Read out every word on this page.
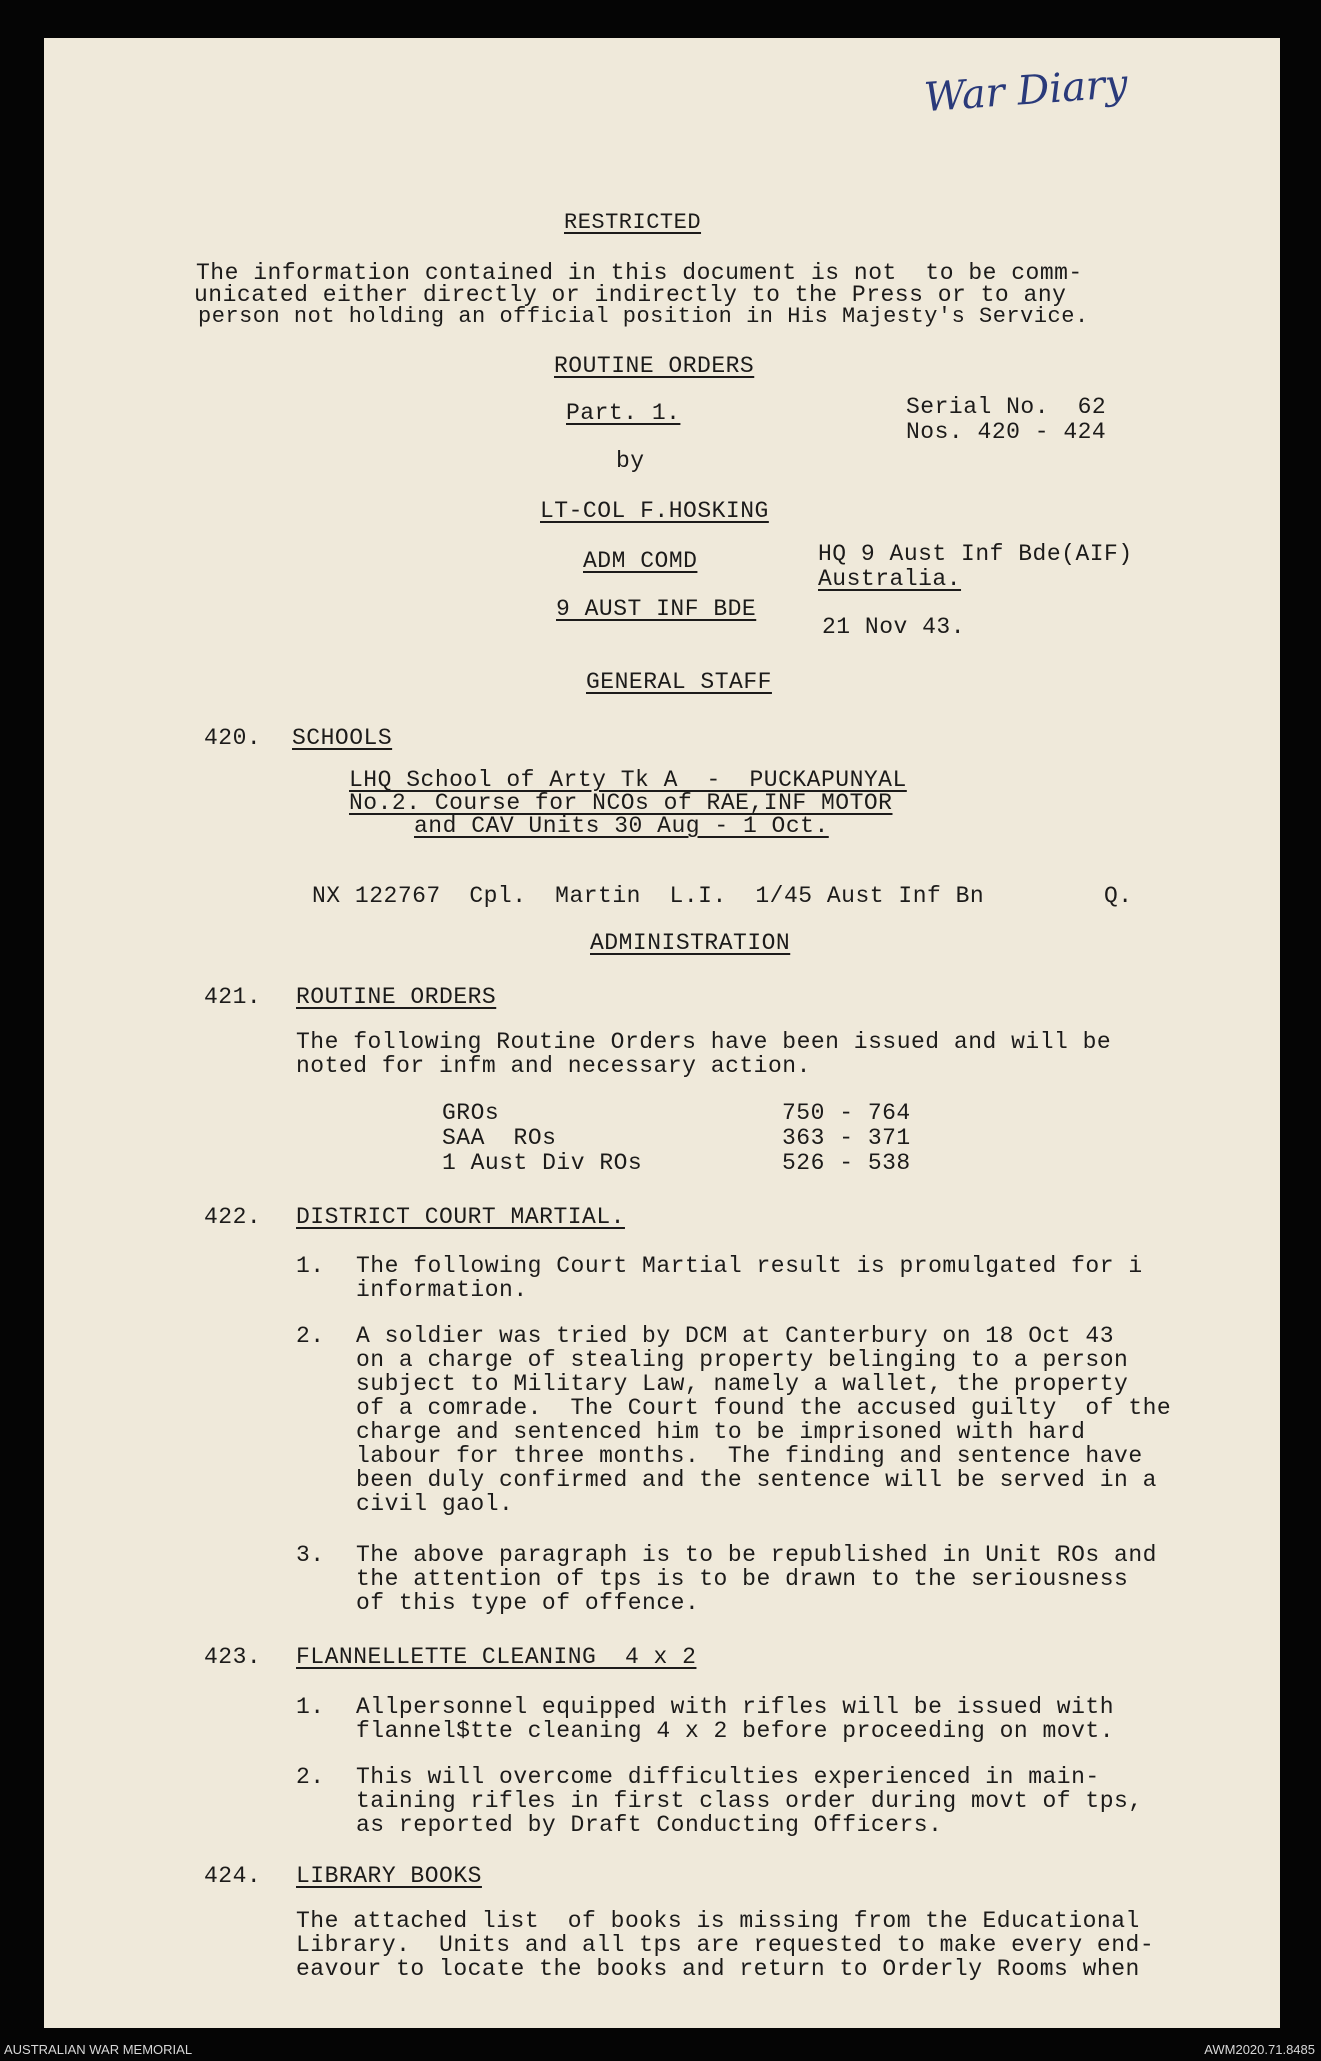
War Diary

RESTRICTED

The information contained in this document is not  to be comm-

unicated either directly or indirectly to the Press or to any

person not holding an official position in His Majesty's Service.

ROUTINE ORDERS

Part. 1.	Serial No.  62

Nos. 420 - 424

by

LT-COL F.HOSKING

ADM COMD

9 AUST INF BDE

HQ 9 Aust Inf Bde(AIF)

Australia.

21 Nov 43.

GENERAL STAFF

420. SCHOOLS

LHQ School of Arty Tk A  -  PUCKAPUNYAL

No.2. Course for NCOs of RAE,INF MOTOR

and CAV Units 30 Aug - 1 Oct.

NX 122767  Cpl.  Martin  L.I.  1/45 Aust Inf Bn	Q.

ADMINISTRATION

421. ROUTINE ORDERS

The following Routine Orders have been issued and will be

noted for infm and necessary action.

GROs	750 - 764

SAA  ROs	363 - 371

1 Aust Div ROs	526 - 538

422. DISTRICT COURT MARTIAL.

1. The following Court Martial result is promulgated for i

information.

2. A soldier was tried by DCM at Canterbury on 18 Oct 43

on a charge of stealing property belinging to a person

subject to Military Law, namely a wallet, the property

of a comrade.  The Court found the accused guilty  of the

charge and sentenced him to be imprisoned with hard

labour for three months.  The finding and sentence have

been duly confirmed and the sentence will be served in a

civil gaol.

3. The above paragraph is to be republished in Unit ROs and

the attention of tps is to be drawn to the seriousness

of this type of offence.

423. FLANNELLETTE CLEANING  4 x 2

1. Allpersonnel equipped with rifles will be issued with

flannel$tte cleaning 4 x 2 before proceeding on movt.

2. This will overcome difficulties experienced in main-

taining rifles in first class order during movt of tps,

as reported by Draft Conducting Officers.

424. LIBRARY BOOKS

The attached list  of books is missing from the Educational

Library.  Units and all tps are requested to make every end-

eavour to locate the books and return to Orderly Rooms when

AUSTRALIAN WAR MEMORIAL	AWM2020.71.8485
